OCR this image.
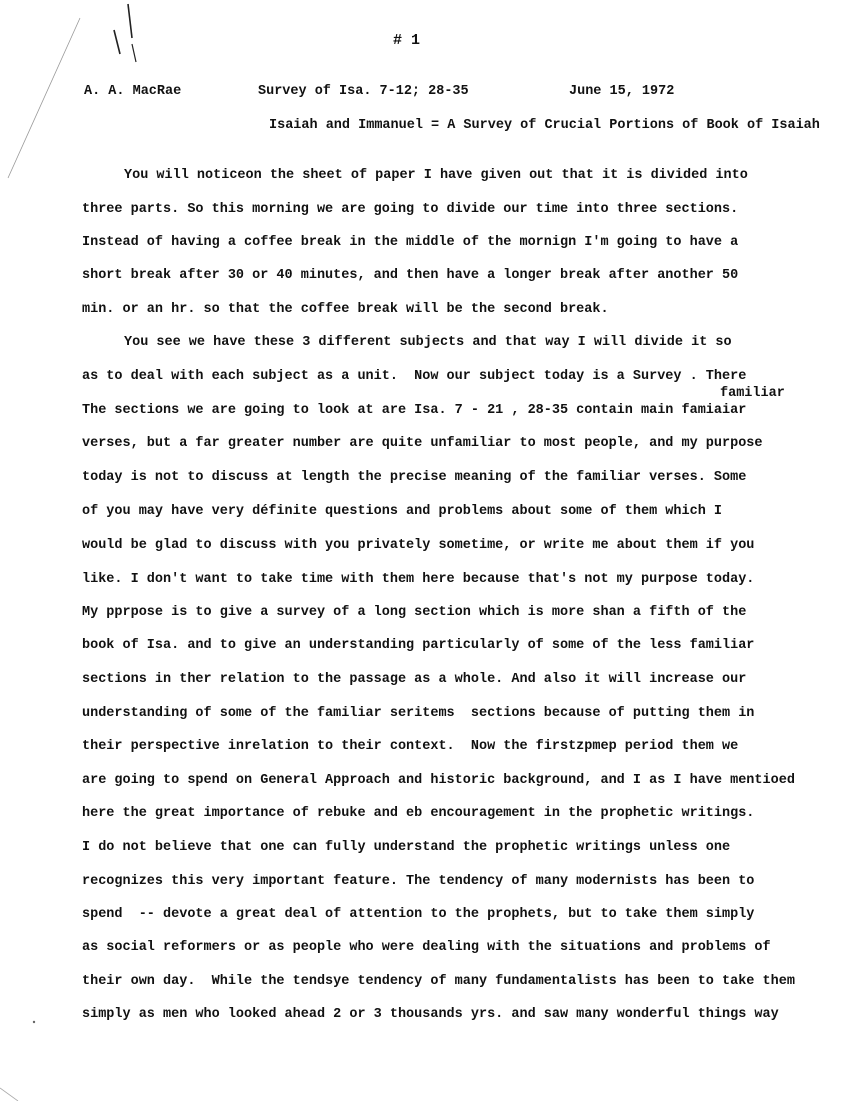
# 1
A. A. MacRae	Survey of Isa. 7-12; 28-35	June 15, 1972
Isaiah and Immanuel = A Survey of Crucial Portions of Book of Isaiah
familiar
You will noticeon the sheet of paper I have given out that it is divided into
three parts. So this morning we are going to divide our time into three sections.
Instead of having a coffee break in the middle of the mornign I'm going to have a
short break after 30 or 40 minutes, and then have a longer break after another 50
min. or an hr. so that the coffee break will be the second break.
You see we have these 3 different subjects and that way I will divide it so
as to deal with each subject as a unit.  Now our subject today is a Survey . There
The sections we are going to look at are Isa. 7 - 21 , 28-35 contain main famiaiar
verses, but a far greater number are quite unfamiliar to most people, and my purpose
today is not to discuss at length the precise meaning of the familiar verses. Some
of you may have very définite questions and problems about some of them which I
would be glad to discuss with you privately sometime, or write me about them if you
like. I don't want to take time with them here because that's not my purpose today.
My pprpose is to give a survey of a long section which is more shan a fifth of the
book of Isa. and to give an understanding particularly of some of the less familiar
sections in ther relation to the passage as a whole. And also it will increase our
understanding of some of the familiar seritems  sections because of putting them in
their perspective inrelation to their context.  Now the firstzpmep period them we
are going to spend on General Approach and historic background, and I as I have mentioed
here the great importance of rebuke and eb encouragement in the prophetic writings.
I do not believe that one can fully understand the prophetic writings unless one
recognizes this very important feature. The tendency of many modernists has been to
spend  -- devote a great deal of attention to the prophets, but to take them simply
as social reformers or as people who were dealing with the situations and problems of
their own day.  While the tendsye tendency of many fundamentalists has been to take them
simply as men who looked ahead 2 or 3 thousands yrs. and saw many wonderful things way
